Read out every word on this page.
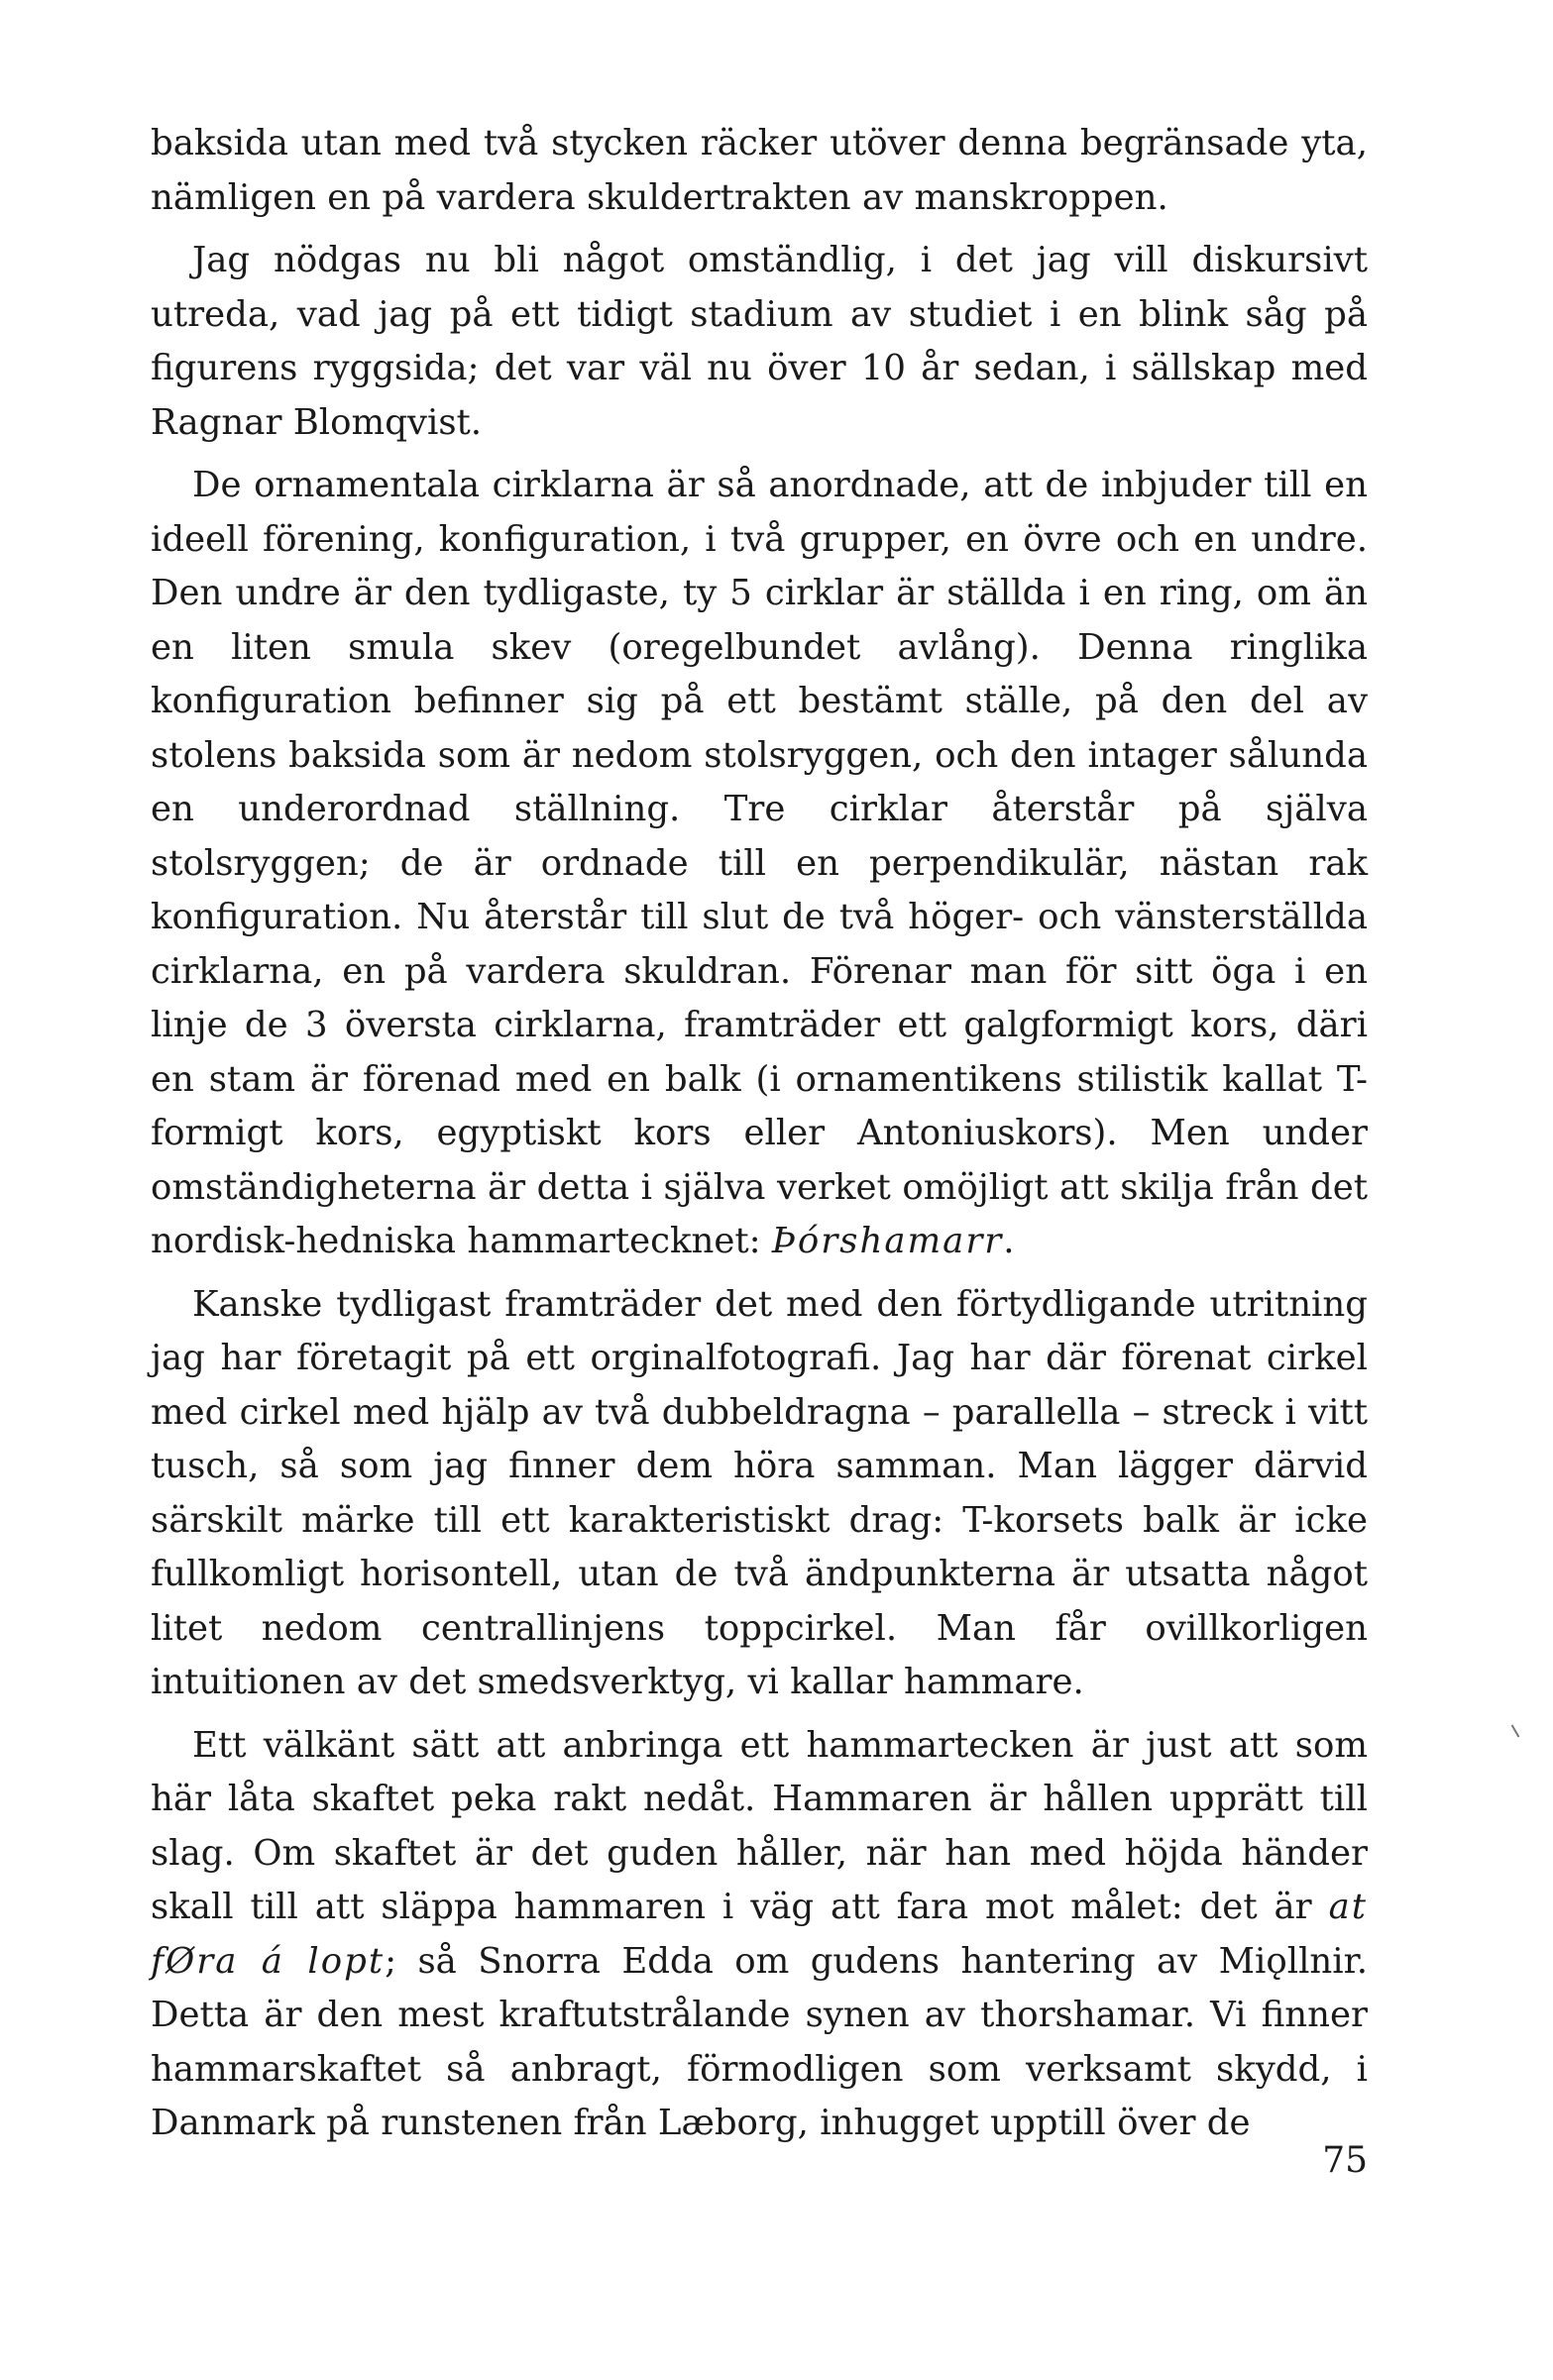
baksida utan med två stycken räcker utöver denna begränsade yta, nämligen en på vardera skuldertrakten av manskroppen.

Jag nödgas nu bli något omständlig, i det jag vill diskursivt utreda, vad jag på ett tidigt stadium av studiet i en blink såg på figurens ryggsida; det var väl nu över 10 år sedan, i sällskap med Ragnar Blomqvist.

De ornamentala cirklarna är så anordnade, att de inbjuder till en ideell förening, konfiguration, i två grupper, en övre och en undre. Den undre är den tydligaste, ty 5 cirklar är ställda i en ring, om än en liten smula skev (oregelbundet avlång). Denna ringlika konfiguration befinner sig på ett bestämt ställe, på den del av stolens baksida som är nedom stolsryggen, och den intager sålunda en underordnad ställning. Tre cirklar återstår på själva stolsryggen; de är ordnade till en perpendikulär, nästan rak konfiguration. Nu återstår till slut de två höger- och vänsterställda cirklarna, en på vardera skuldran. Förenar man för sitt öga i en linje de 3 översta cirklarna, framträder ett galgformigt kors, däri en stam är förenad med en balk (i ornamentikens stilistik kallat T-formigt kors, egyptiskt kors eller Antoniuskors). Men under omständigheterna är detta i själva verket omöjligt att skilja från det nordisk-hedniska hammartecknet: Þórshamarr.

Kanske tydligast framträder det med den förtydligande utritning jag har företagit på ett orginalfotografi. Jag har där förenat cirkel med cirkel med hjälp av två dubbeldragna – parallella – streck i vitt tusch, så som jag finner dem höra samman. Man lägger därvid särskilt märke till ett karakteristiskt drag: T-korsets balk är icke fullkomligt horisontell, utan de två ändpunkterna är utsatta något litet nedom centrallinjens toppcirkel. Man får ovillkorligen intuitionen av det smedsverktyg, vi kallar hammare.

Ett välkänt sätt att anbringa ett hammartecken är just att som här låta skaftet peka rakt nedåt. Hammaren är hållen upprätt till slag. Om skaftet är det guden håller, när han med höjda händer skall till att släppa hammaren i väg att fara mot målet: det är at fØra á lopt; så Snorra Edda om gudens hantering av Miǫllnir. Detta är den mest kraftutstrålande synen av thorshamar. Vi finner hammarskaftet så anbragt, förmodligen som verksamt skydd, i Danmark på runstenen från Læborg, inhugget upptill över de

75
